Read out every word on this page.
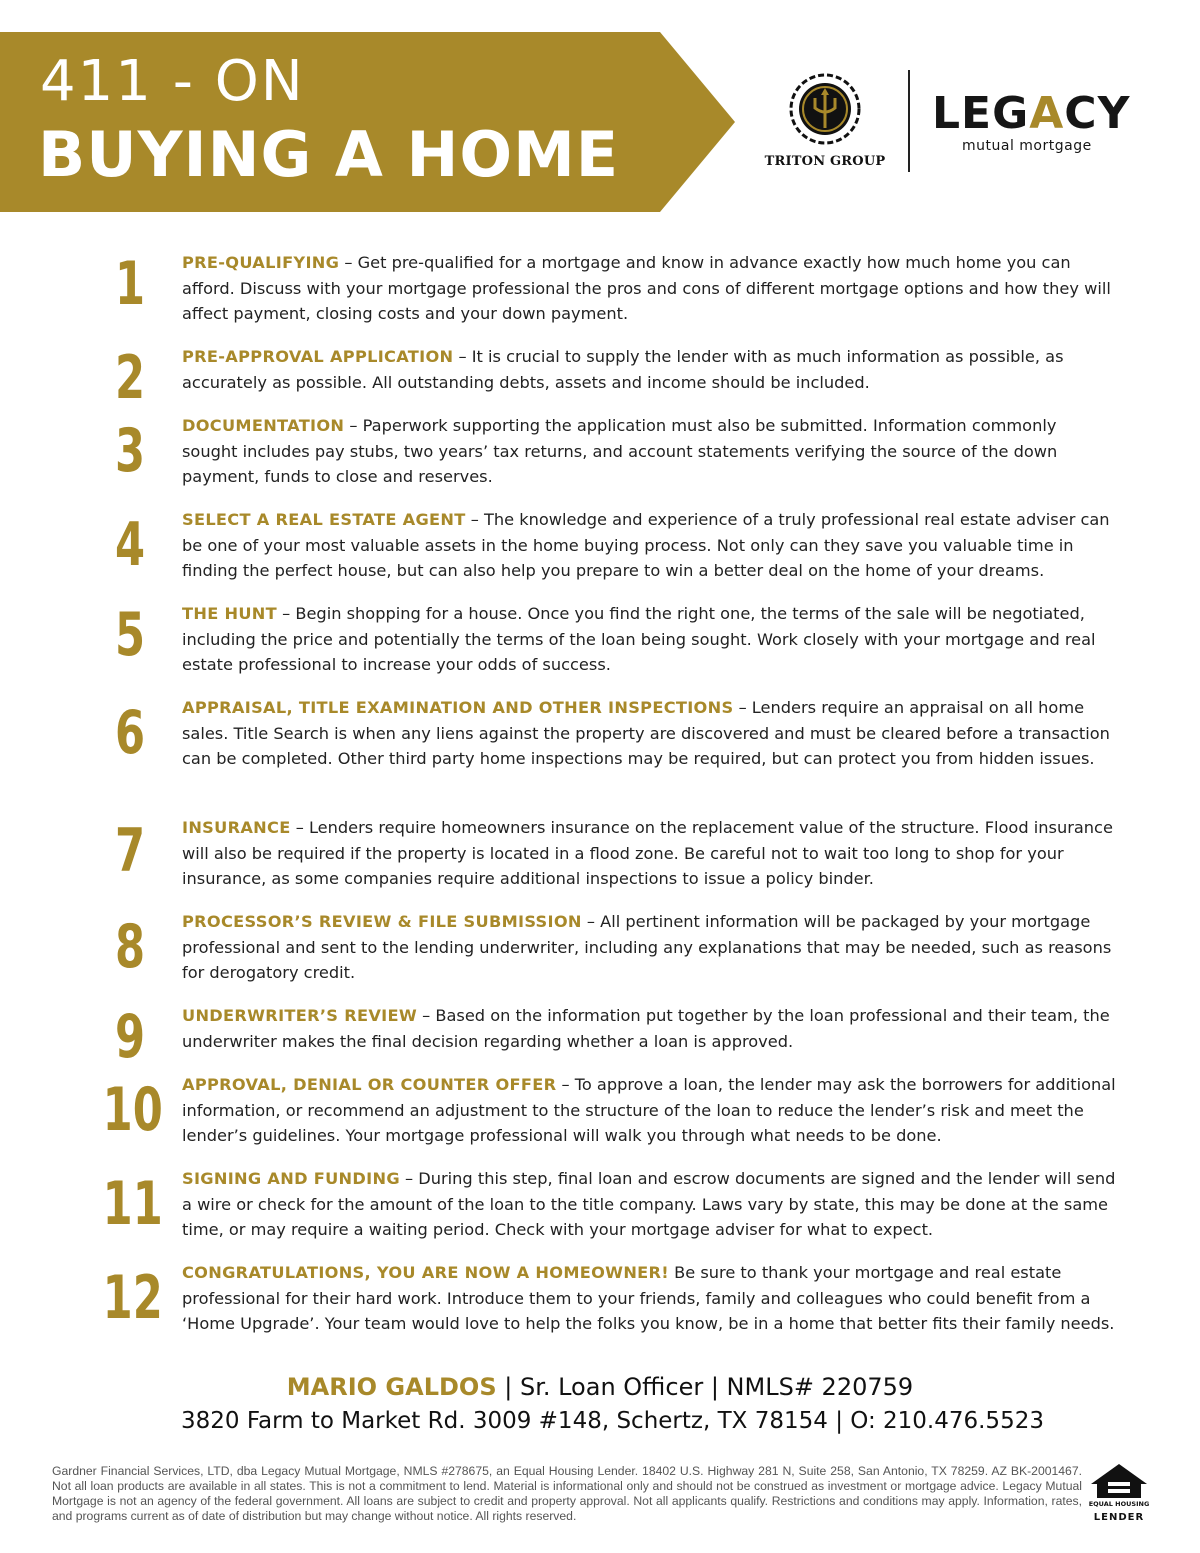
411 - ON
BUYING A HOME	TRITON GROUP
LEGACY
mutual mortgage
1	PRE-QUALIFYING – Get pre-qualified for a mortgage and know in advance exactly how much home you can afford. Discuss with your mortgage professional the pros and cons of different mortgage options and how they will affect payment, closing costs and your down payment.
2	PRE-APPROVAL APPLICATION – It is crucial to supply the lender with as much information as possible, as accurately as possible. All outstanding debts, assets and income should be included.
3	DOCUMENTATION – Paperwork supporting the application must also be submitted. Information commonly sought includes pay stubs, two years’ tax returns, and account statements verifying the source of the down payment, funds to close and reserves.
4	SELECT A REAL ESTATE AGENT – The knowledge and experience of a truly professional real estate adviser can be one of your most valuable assets in the home buying process. Not only can they save you valuable time in finding the perfect house, but can also help you prepare to win a better deal on the home of your dreams.
5	THE HUNT – Begin shopping for a house. Once you find the right one, the terms of the sale will be negotiated, including the price and potentially the terms of the loan being sought. Work closely with your mortgage and real estate professional to increase your odds of success.
6	APPRAISAL, TITLE EXAMINATION AND OTHER INSPECTIONS – Lenders require an appraisal on all home sales. Title Search is when any liens against the property are discovered and must be cleared before a transaction can be completed. Other third party home inspections may be required, but can protect you from hidden issues.
7	INSURANCE – Lenders require homeowners insurance on the replacement value of the structure. Flood insurance will also be required if the property is located in a flood zone. Be careful not to wait too long to shop for your insurance, as some companies require additional inspections to issue a policy binder.
8	PROCESSOR’S REVIEW & FILE SUBMISSION – All pertinent information will be packaged by your mortgage professional and sent to the lending underwriter, including any explanations that may be needed, such as reasons for derogatory credit.
9	UNDERWRITER’S REVIEW – Based on the information put together by the loan professional and their team, the underwriter makes the final decision regarding whether a loan is approved.
10 APPROVAL, DENIAL OR COUNTER OFFER – To approve a loan, the lender may ask the borrowers for additional information, or recommend an adjustment to the structure of the loan to reduce the lender’s risk and meet the lender’s guidelines. Your mortgage professional will walk you through what needs to be done.
11 SIGNING AND FUNDING – During this step, final loan and escrow documents are signed and the lender will send a wire or check for the amount of the loan to the title company. Laws vary by state, this may be done at the same time, or may require a waiting period. Check with your mortgage adviser for what to expect.
12 CONGRATULATIONS, YOU ARE NOW A HOMEOWNER! Be sure to thank your mortgage and real estate professional for their hard work. Introduce them to your friends, family and colleagues who could benefit from a ‘Home Upgrade’. Your team would love to help the folks you know, be in a home that better fits their family needs.
MARIO GALDOS | Sr. Loan Officer | NMLS# 220759
3820 Farm to Market Rd. 3009 #148, Schertz, TX 78154 | O: 210.476.5523
Gardner Financial Services, LTD, dba Legacy Mutual Mortgage, NMLS #278675, an Equal Housing Lender. 18402 U.S. Highway 281 N, Suite 258, San Antonio, TX 78259. AZ BK-2001467. Not all loan products are available in all states. This is not a commitment to lend. Material is informational only and should not be construed as investment or mortgage advice. Legacy Mutual Mortgage is not an agency of the federal government. All loans are subject to credit and property approval. Not all applicants qualify. Restrictions and conditions may apply. Information, rates, and programs current as of date of distribution but may change without notice. All rights reserved.
EQUAL HOUSING
LENDER
